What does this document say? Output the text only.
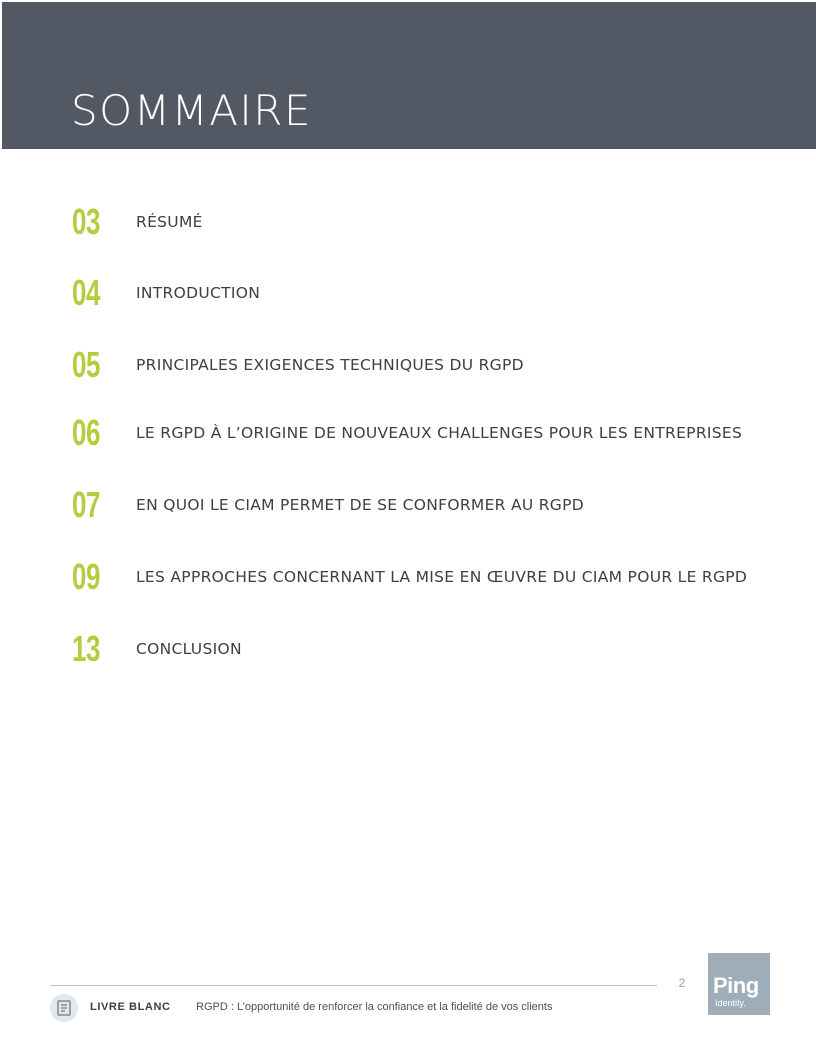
SOMMAIRE
03 RÉSUMÉ
04 INTRODUCTION
05 PRINCIPALES EXIGENCES TECHNIQUES DU RGPD
06 LE RGPD À L’ORIGINE DE NOUVEAUX CHALLENGES POUR LES ENTREPRISES
07 EN QUOI LE CIAM PERMET DE SE CONFORMER AU RGPD
09 LES APPROCHES CONCERNANT LA MISE EN ŒUVRE DU CIAM POUR LE RGPD
13 CONCLUSION
2
LIVRE BLANC RGPD : L’opportunité de renforcer la confiance et la fidelité de vos clients
Ping
Identity.
